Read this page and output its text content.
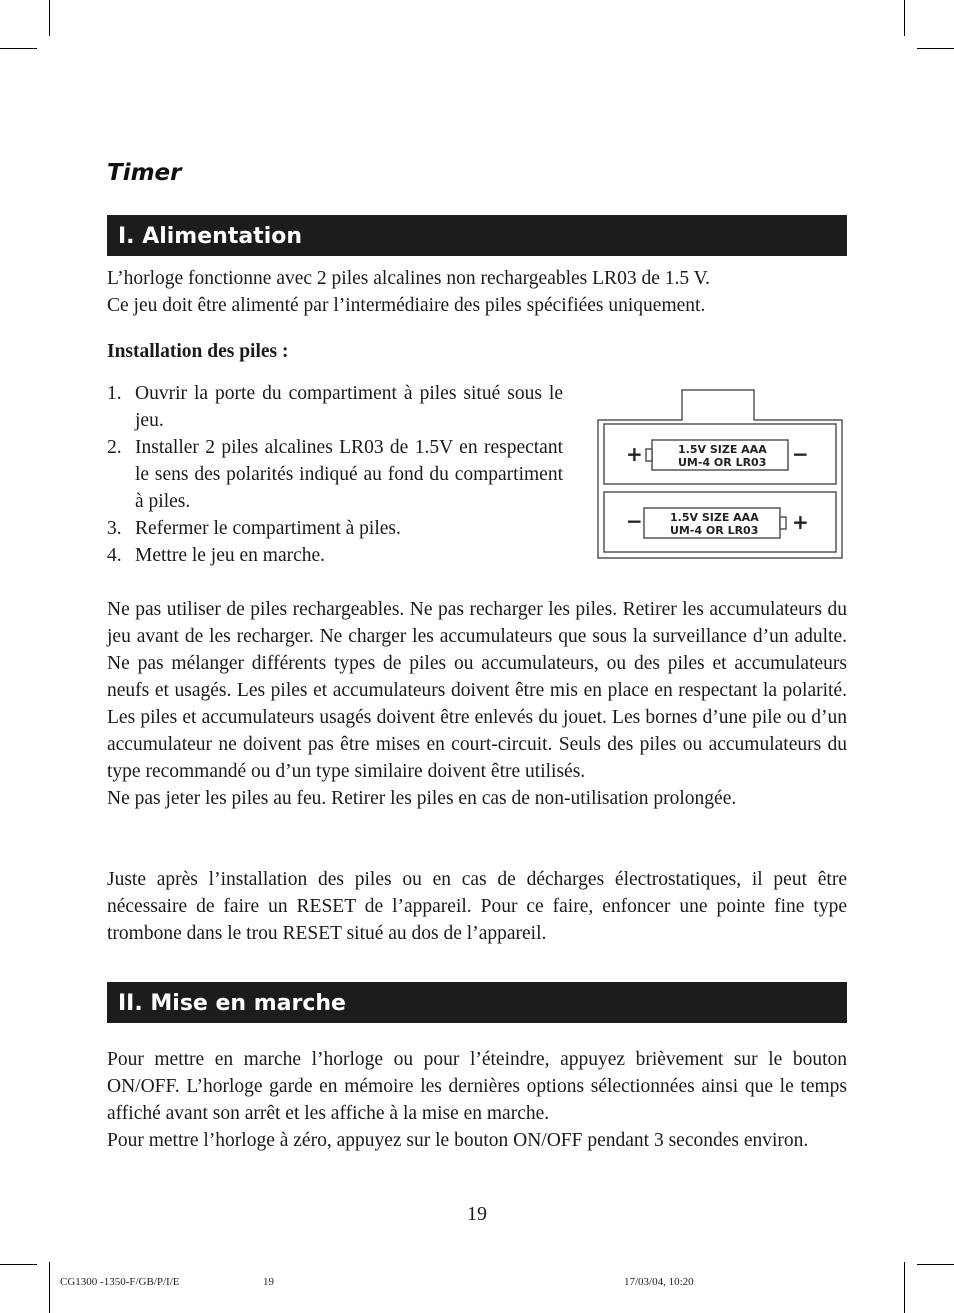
Timer
I. Alimentation

L’horloge fonctionne avec 2 piles alcalines non rechargeables LR03 de 1.5 V.
Ce jeu doit être alimenté par l’intermédiaire des piles spécifiées uniquement.

Installation des piles :

1. Ouvrir la porte du compartiment à piles situé sous le jeu.
2. Installer 2 piles alcalines LR03 de 1.5V en respectant le sens des polarités indiqué au fond du compartiment à piles.
3. Refermer le compartiment à piles.
4. Mettre le jeu en marche.
1.5V SIZE AAA
UM-4 OR LR03
1.5V SIZE AAA
UM-4 OR LR03
+	−
−	+

Ne pas utiliser de piles rechargeables. Ne pas recharger les piles. Retirer les accumulateurs du jeu avant de les recharger. Ne charger les accumulateurs que sous la surveillance d’un adulte. Ne pas mélanger différents types de piles ou accumulateurs, ou des piles et accumulateurs neufs et usagés. Les piles et accumulateurs doivent être mis en place en respectant la polarité. Les piles et accumulateurs usagés doivent être enlevés du jouet. Les bornes d’une pile ou d’un accumulateur ne doivent pas être mises en court-circuit. Seuls des piles ou accumulateurs du type recommandé ou d’un type similaire doivent être utilisés.
Ne pas jeter les piles au feu. Retirer les piles en cas de non-utilisation prolongée.

Juste après l’installation des piles ou en cas de décharges électrostatiques, il peut être nécessaire de faire un RESET de l’appareil. Pour ce faire, enfoncer une pointe fine type trombone dans le trou RESET situé au dos de l’appareil.

II. Mise en marche

Pour mettre en marche l’horloge ou pour l’éteindre, appuyez brièvement sur le bouton ON/OFF. L’horloge garde en mémoire les dernières options sélectionnées ainsi que le temps affiché avant son arrêt et les affiche à la mise en marche.
Pour mettre l’horloge à zéro, appuyez sur le bouton ON/OFF pendant 3 secondes environ.

19
CG1300 -1350-F/GB/P/I/E	19	17/03/04, 10:20
